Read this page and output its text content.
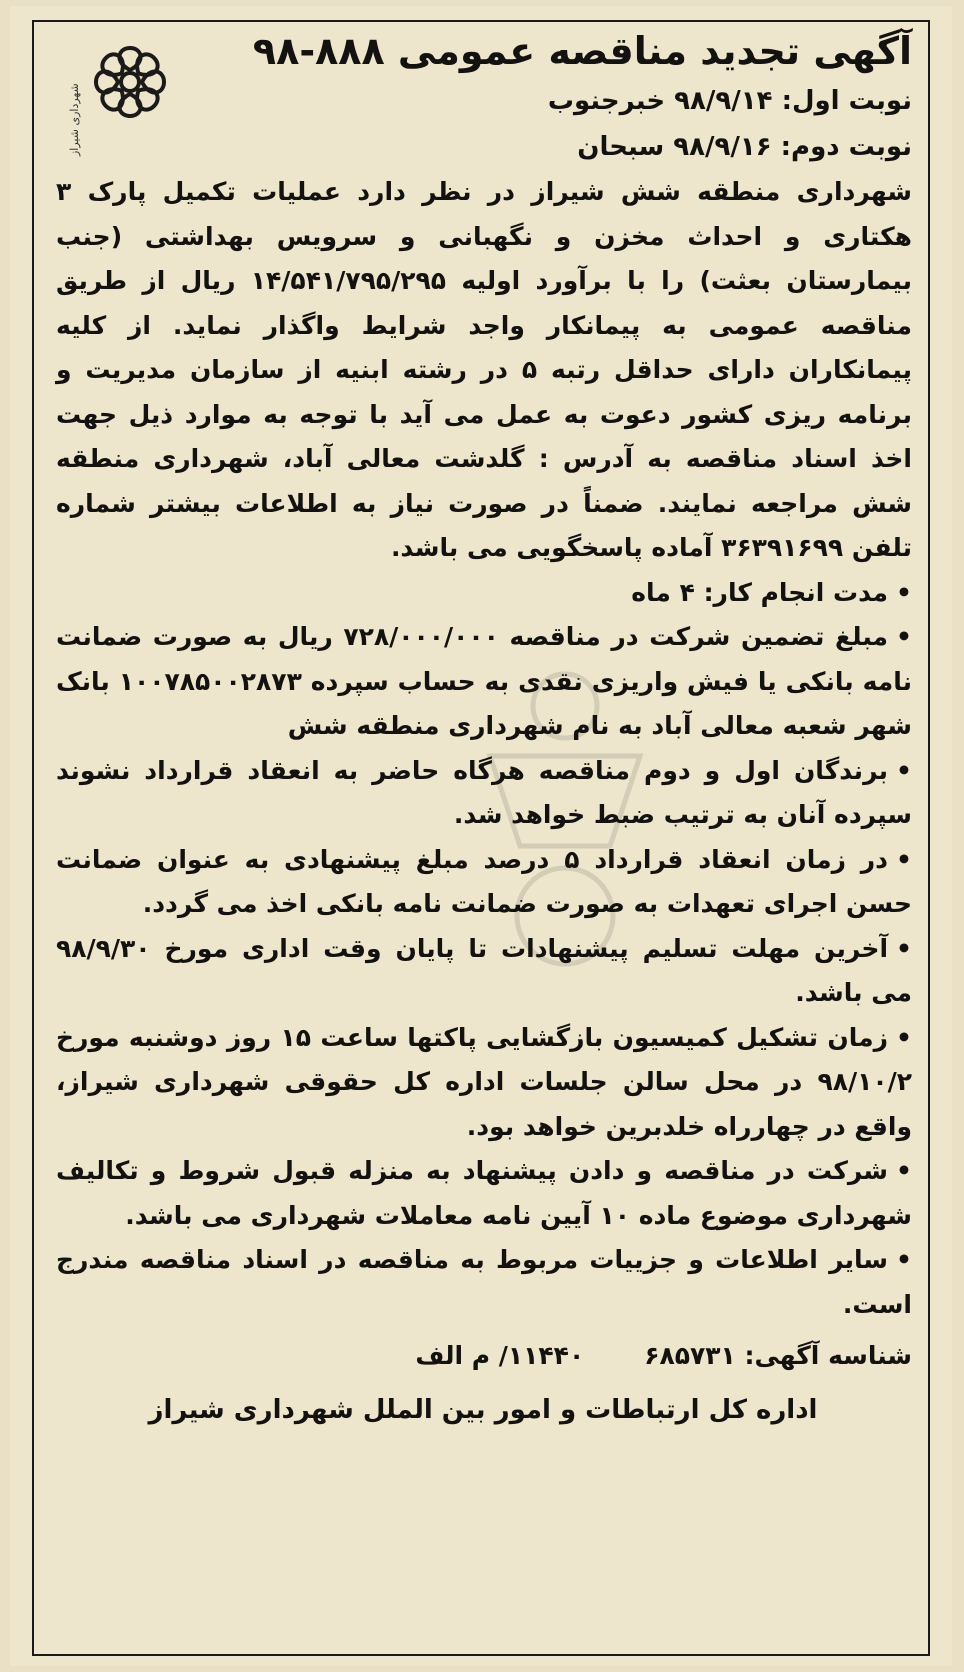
شهرداری شیراز
آگهی تجدید مناقصه عمومی ۸۸۸-۹۸
نوبت اول: ۹۸/۹/۱۴ خبرجنوب
نوبت دوم: ۹۸/۹/۱۶ سبحان
شهرداری منطقه شش شیراز در نظر دارد عملیات تکمیل پارک ۳ هکتاری و احداث مخزن و نگهبانی و سرویس بهداشتی (جنب بیمارستان بعثت) را با برآورد اولیه ۱۴/۵۴۱/۷۹۵/۲۹۵ ریال از طریق مناقصه عمومی به پیمانکار واجد شرایط واگذار نماید. از کلیه پیمانکاران دارای حداقل رتبه ۵ در رشته ابنیه از سازمان مدیریت و برنامه ریزی کشور دعوت به عمل می آید با توجه به موارد ذیل جهت اخذ اسناد مناقصه به آدرس : گلدشت معالی آباد، شهرداری منطقه شش مراجعه نمایند. ضمناً در صورت نیاز به اطلاعات بیشتر شماره تلفن ۳۶۳۹۱۶۹۹ آماده پاسخگویی می باشد.
•مدت انجام کار: ۴ ماه
•مبلغ تضمین شرکت در مناقصه ۷۲۸/۰۰۰/۰۰۰ ریال به صورت ضمانت نامه بانکی یا فیش واریزی نقدی به حساب سپرده ۱۰۰۷۸۵۰۰۲۸۷۳ بانک شهر شعبه معالی آباد به نام شهرداری منطقه شش
•برندگان اول و دوم مناقصه هرگاه حاضر به انعقاد قرارداد نشوند سپرده آنان به ترتیب ضبط خواهد شد.
•در زمان انعقاد قرارداد ۵ درصد مبلغ پیشنهادی به عنوان ضمانت حسن اجرای تعهدات به صورت ضمانت نامه بانکی اخذ می گردد.
•آخرین مهلت تسلیم پیشنهادات تا پایان وقت اداری مورخ ۹۸/۹/۳۰ می باشد.
•زمان تشکیل کمیسیون بازگشایی پاکتها ساعت ۱۵ روز دوشنبه مورخ ۹۸/۱۰/۲ در محل سالن جلسات اداره کل حقوقی شهرداری شیراز، واقع در چهارراه خلدبرین خواهد بود.
•شرکت در مناقصه و دادن پیشنهاد به منزله قبول شروط و تکالیف شهرداری موضوع ماده ۱۰ آیین نامه معاملات شهرداری می باشد.
•سایر اطلاعات و جزییات مربوط به مناقصه در اسناد مناقصه مندرج است.
شناسه آگهی: ۶۸۵۷۳۱
۱۱۴۴۰/ م الف
اداره کل ارتباطات و امور بین الملل شهرداری شیراز
